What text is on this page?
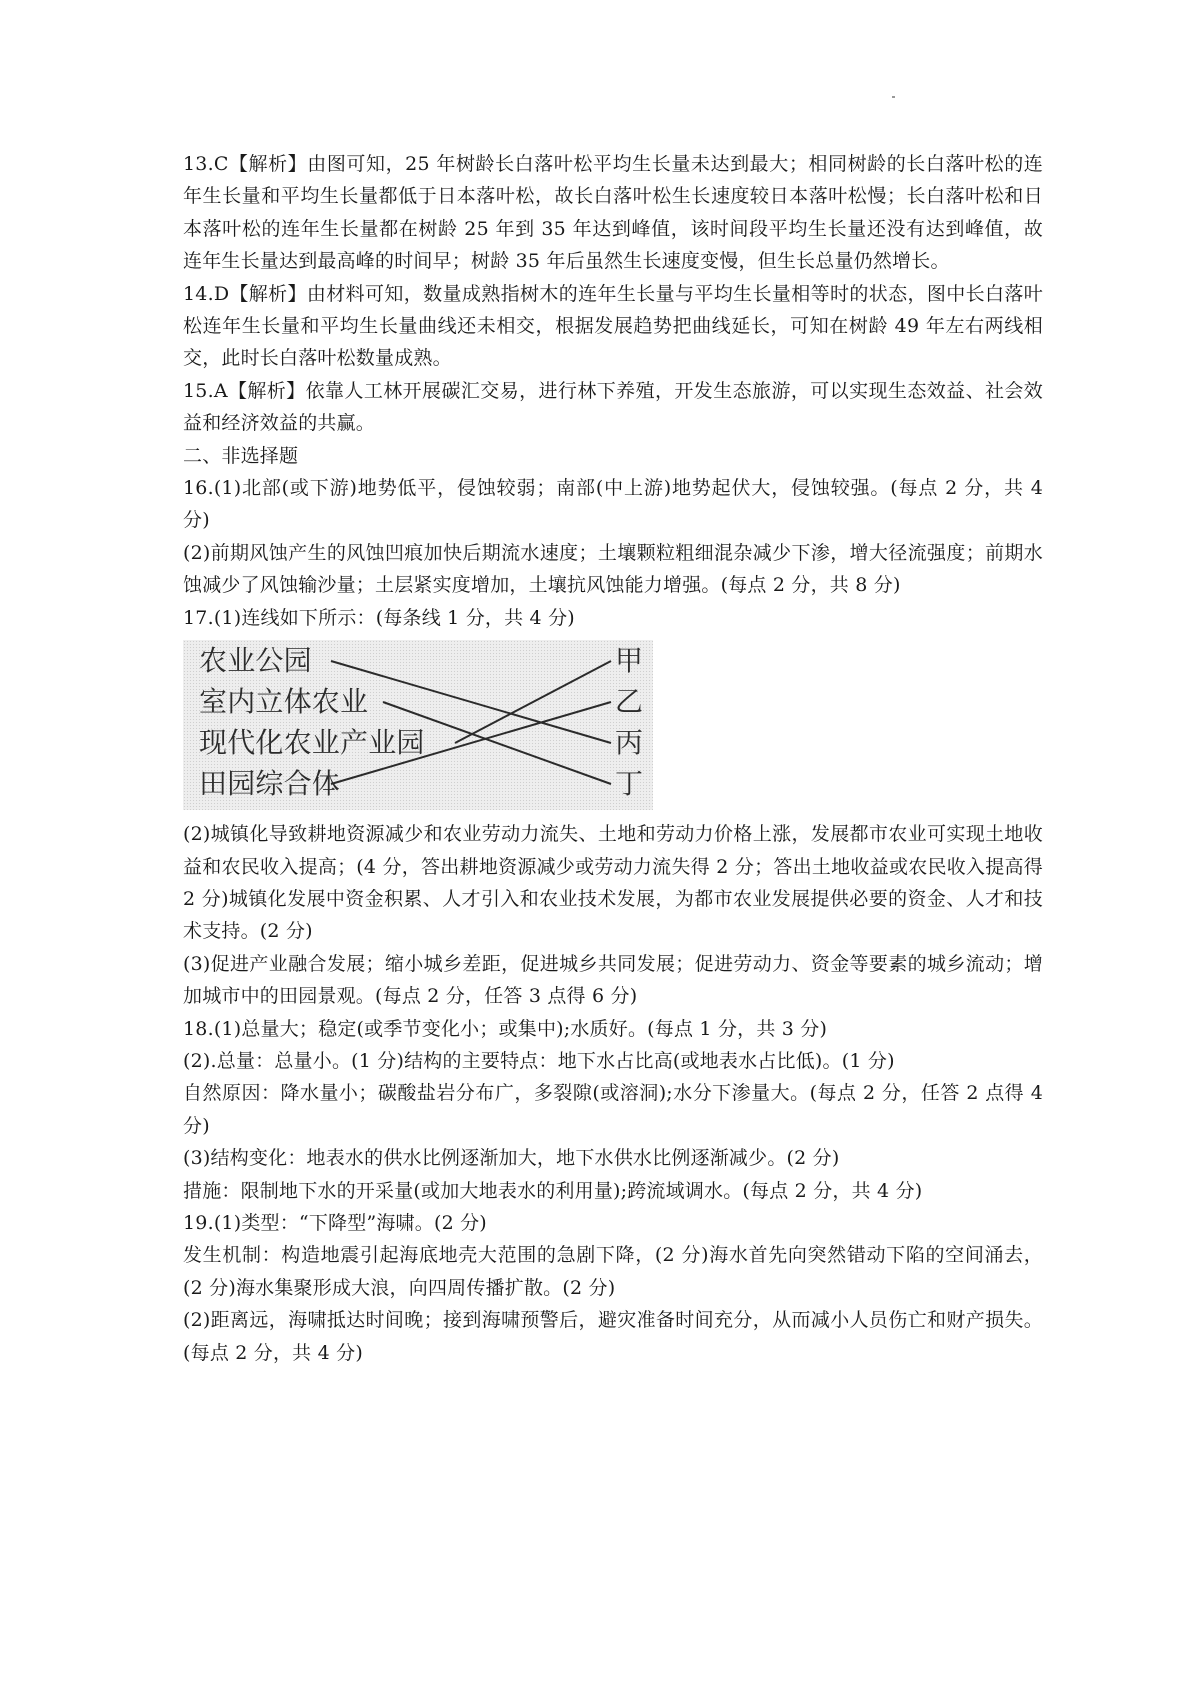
13.C【解析】由图可知，25 年树龄长白落叶松平均生长量未达到最大；相同树龄的长白落叶松的连年生长量和平均生长量都低于日本落叶松，故长白落叶松生长速度较日本落叶松慢；长白落叶松和日本落叶松的连年生长量都在树龄 25 年到 35 年达到峰值，该时间段平均生长量还没有达到峰值，故连年生长量达到最高峰的时间早；树龄 35 年后虽然生长速度变慢，但生长总量仍然增长。

14.D【解析】由材料可知，数量成熟指树木的连年生长量与平均生长量相等时的状态，图中长白落叶松连年生长量和平均生长量曲线还未相交，根据发展趋势把曲线延长，可知在树龄 49 年左右两线相交，此时长白落叶松数量成熟。

15.A【解析】依靠人工林开展碳汇交易，进行林下养殖，开发生态旅游，可以实现生态效益、社会效益和经济效益的共赢。

二、非选择题

16.(1)北部(或下游)地势低平，侵蚀较弱；南部(中上游)地势起伏大，侵蚀较强。(每点 2 分，共 4 分)

(2)前期风蚀产生的风蚀凹痕加快后期流水速度；土壤颗粒粗细混杂减少下渗，增大径流强度；前期水蚀减少了风蚀输沙量；土层紧实度增加，土壤抗风蚀能力增强。(每点 2 分，共 8 分)

17.(1)连线如下所示：(每条线 1 分，共 4 分)

农业公园
室内立体农业
现代化农业产业园
田园综合体
甲
乙
丙
丁

(2)城镇化导致耕地资源减少和农业劳动力流失、土地和劳动力价格上涨，发展都市农业可实现土地收益和农民收入提高；(4 分，答出耕地资源减少或劳动力流失得 2 分；答出土地收益或农民收入提高得 2 分)城镇化发展中资金积累、人才引入和农业技术发展，为都市农业发展提供必要的资金、人才和技术支持。(2 分)

(3)促进产业融合发展；缩小城乡差距，促进城乡共同发展；促进劳动力、资金等要素的城乡流动；增加城市中的田园景观。(每点 2 分，任答 3 点得 6 分)

18.(1)总量大；稳定(或季节变化小；或集中);水质好。(每点 1 分，共 3 分)

(2).总量：总量小。(1 分)结构的主要特点：地下水占比高(或地表水占比低)。(1 分)

自然原因：降水量小；碳酸盐岩分布广，多裂隙(或溶洞);水分下渗量大。(每点 2 分，任答 2 点得 4 分)

(3)结构变化：地表水的供水比例逐渐加大，地下水供水比例逐渐减少。(2 分)

措施：限制地下水的开采量(或加大地表水的利用量);跨流域调水。(每点 2 分，共 4 分)

19.(1)类型：“下降型”海啸。(2 分)

发生机制：构造地震引起海底地壳大范围的急剧下降，(2 分)海水首先向突然错动下陷的空间涌去，(2 分)海水集聚形成大浪，向四周传播扩散。(2 分)

(2)距离远，海啸抵达时间晚；接到海啸预警后，避灾准备时间充分，从而减小人员伤亡和财产损失。(每点 2 分，共 4 分)
